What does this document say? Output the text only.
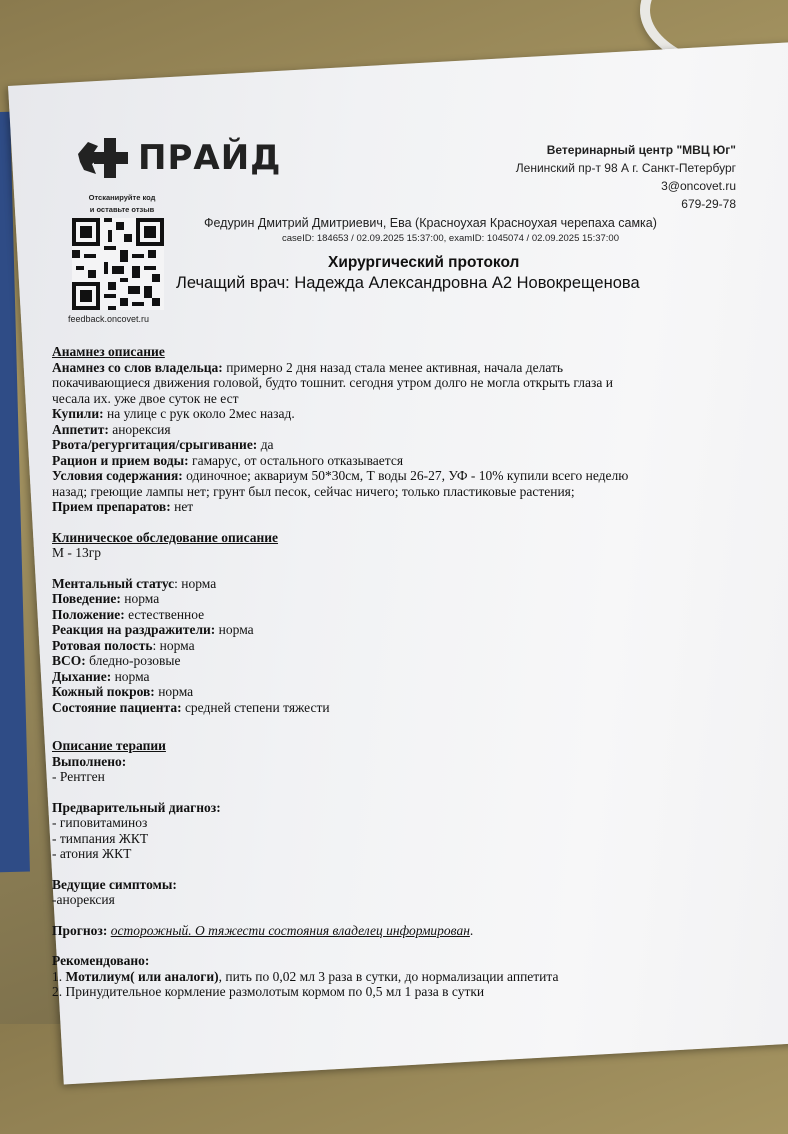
ПРАЙД
Отсканируйте код
и оставьте отзыв
feedback.oncovet.ru
Ветеринарный центр "МВЦ Юг"
Ленинский пр-т 98 А г. Санкт-Петербург
3@oncovet.ru
679-29-78
Федурин Дмитрий Дмитриевич, Ева (Красноухая Красноухая черепаха самка)
caseID: 184653 / 02.09.2025 15:37:00, examID: 1045074 / 02.09.2025 15:37:00
Хирургический протокол
Лечащий врач: Надежда Александровна А2 Новокрещенова
Анамнез описание
Анамнез со слов владельца: примерно 2 дня назад стала менее активная, начала делать
покачивающиеся движения головой, будто тошнит. сегодня утром долго не могла открыть глаза и
чесала их. уже двое суток не ест
Купили: на улице с рук около 2мес назад.
Аппетит: анорексия
Рвота/регургитация/срыгивание: да
Рацион и прием воды: гамарус, от остального отказывается
Условия содержания: одиночное; аквариум 50*30см, Т воды 26-27, УФ - 10% купили всего неделю
назад; греющие лампы нет; грунт был песок, сейчас ничего; только пластиковые растения;
Прием препаратов: нет
Клиническое обследование описание
М - 13гр
Ментальный статус: норма
Поведение: норма
Положение: естественное
Реакция на раздражители: норма
Ротовая полость: норма
ВСО: бледно-розовые
Дыхание: норма
Кожный покров: норма
Состояние пациента: средней степени тяжести
Описание терапии
Выполнено:
- Рентген
Предварительный диагноз:
- гиповитаминоз
- тимпания ЖКТ
- атония ЖКТ
Ведущие симптомы:
-анорексия
Прогноз: осторожный. О тяжести состояния владелец информирован.
Рекомендовано:
1. Мотилиум( или аналоги), пить по 0,02 мл 3 раза в сутки, до нормализации аппетита
2. Принудительное кормление размолотым кормом по 0,5 мл 1 раза в сутки
